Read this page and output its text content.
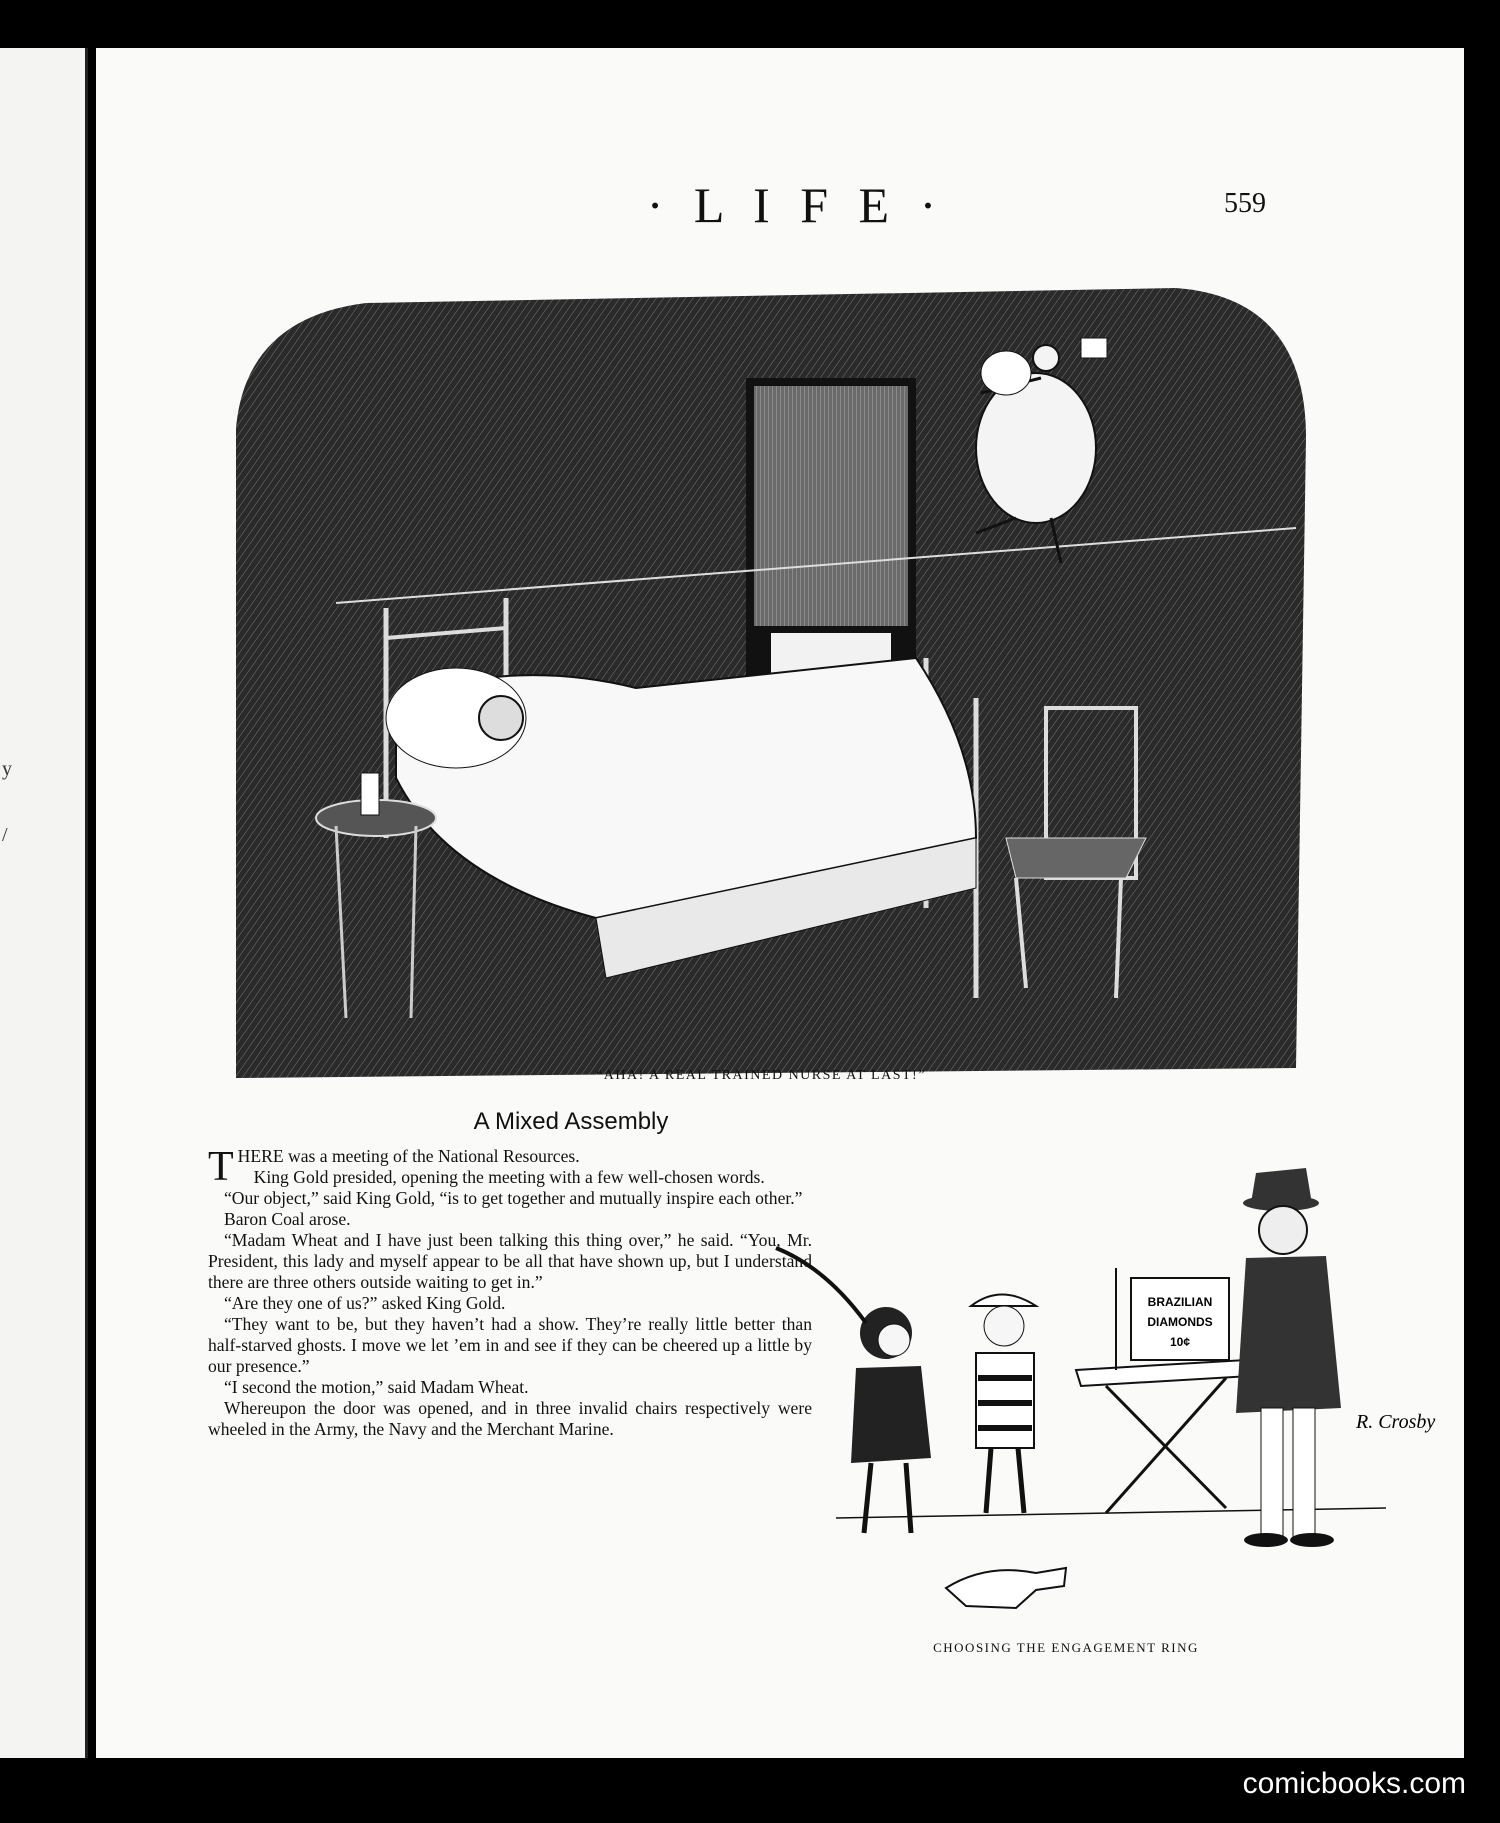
y
/
· L I F E ·	559
“AHA! A REAL TRAINED NURSE AT LAST!”
A Mixed Assembly

THERE was a meeting of the National Resources.

King Gold presided, opening the meeting with a few well-chosen words.

“Our object,” said King Gold, “is to get together and mutually inspire each other.”

Baron Coal arose.

“Madam Wheat and I have just been talking this thing over,” he said. “You, Mr. President, this lady and myself appear to be all that have shown up, but I understand there are three others outside waiting to get in.”

“Are they one of us?” asked King Gold.

“They want to be, but they haven’t had a show. They’re really little better than half-starved ghosts. I move we let ’em in and see if they can be cheered up a little by our presence.”

“I second the motion,” said Madam Wheat.

Whereupon the door was opened, and in three invalid chairs respectively were wheeled in the Army, the Navy and the Merchant Marine.

BRAZILIAN
DIAMONDS
10¢
R. Crosby
CHOOSING THE ENGAGEMENT RING
comicbooks.com
